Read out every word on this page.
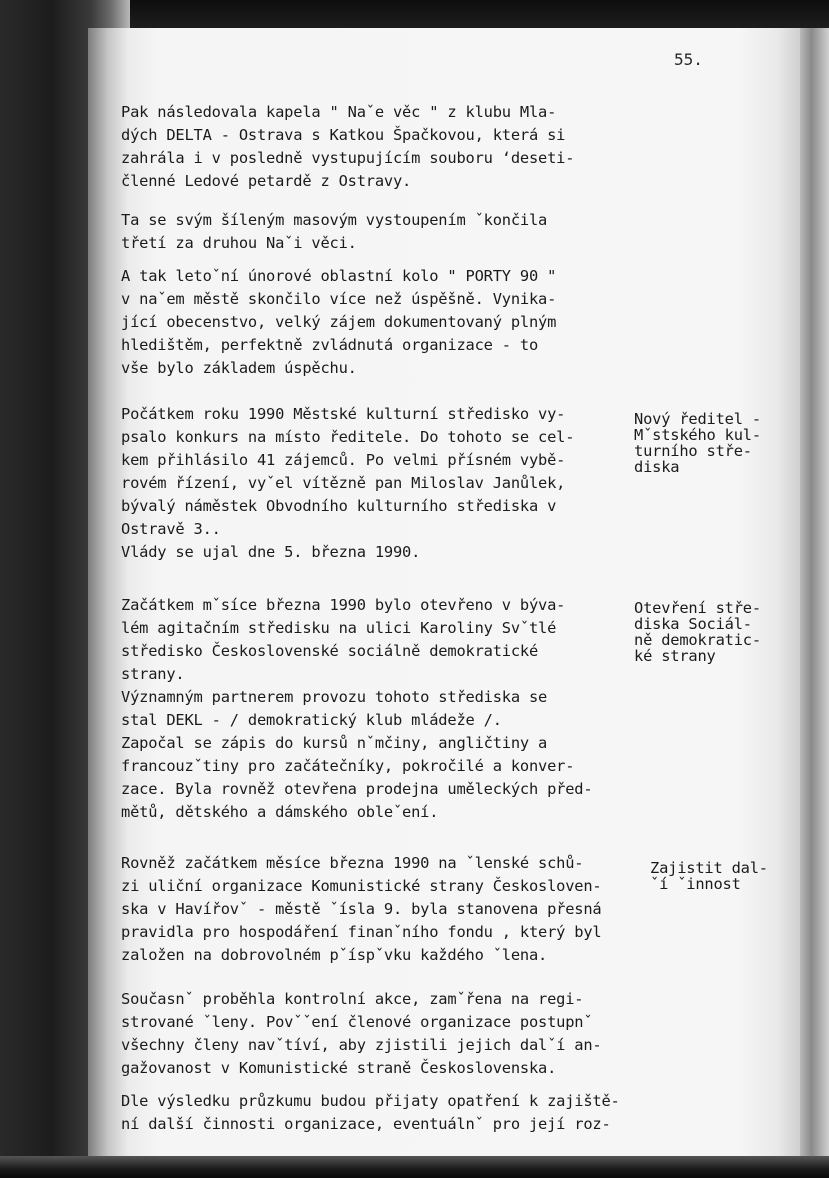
55.
Pak následovala kapela " Naˇe věc " z klubu Mla-
dých DELTA - Ostrava s Katkou Špačkovou, která si
zahrála i v posledně vystupujícím souboru ‘deseti-
členné Ledové petardě z Ostravy.
Ta se svým šíleným masovým vystoupením ˇkončila
třetí za druhou Naˇi věci.
A tak letoˇní únorové oblastní kolo " PORTY 90 "
v naˇem městě skončilo více než úspěšně. Vynika-
jící obecenstvo, velký zájem dokumentovaný plným
hledištěm, perfektně zvládnutá organizace - to
vše bylo základem úspěchu.
Počátkem roku 1990 Městské kulturní středisko vy-
psalo konkurs na místo ředitele. Do tohoto se cel-
kem přihlásilo 41 zájemců. Po velmi přísném vybě-
rovém řízení, vyˇel vítězně pan Miloslav Janůlek,
bývalý náměstek Obvodního kulturního střediska v
Ostravě 3..
Vlády se ujal dne 5. března 1990.
Začátkem mˇsíce března 1990 bylo otevřeno v býva-
lém agitačním středisku na ulici Karoliny Svˇtlé
středisko Československé sociálně demokratické
strany.
Významným partnerem provozu tohoto střediska se
stal DEKL - / demokratický klub mládeže /.
Započal se zápis do kursů nˇmčiny, angličtiny a
francouzˇtiny pro začátečníky, pokročilé a konver-
zace. Byla rovněž otevřena prodejna uměleckých před-
mětů, dětského a dámského obleˇení.
Rovněž začátkem měsíce března 1990 na ˇlenské schů-
zi uliční organizace Komunistické strany Českosloven-
ska v Havířovˇ - městě ˇísla 9. byla stanovena přesná
pravidla pro hospodáření finanˇního fondu , který byl
založen na dobrovolném pˇíspˇvku každého ˇlena.
Současnˇ proběhla kontrolní akce, zamˇřena na regi-
strované ˇleny. Povˇˇení členové organizace postupnˇ
všechny členy navˇtíví, aby zjistili jejich dalˇí an-
gažovanost v Komunistické straně Československa.
Dle výsledku průzkumu budou přijaty opatření k zajiště-
ní další činnosti organizace, eventuálnˇ pro její roz-
Nový ředitel -
Mˇstského kul-
turního stře-
diska
Otevření stře-
diska Sociál-
ně demokratic-
ké strany
Zajistit dal-
ˇí ˇinnost
